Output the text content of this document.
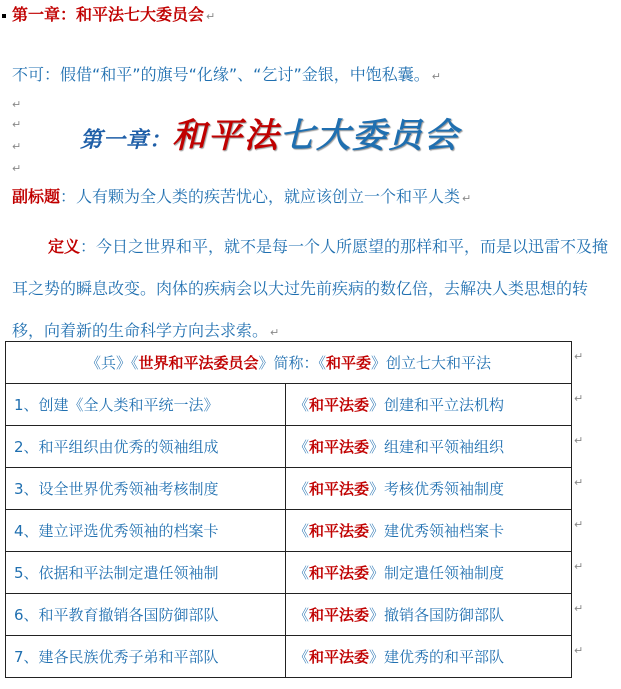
第一章：和平法七大委员会 ↵
不可：假借“和平”的旗号“化缘”、“乞讨”金银，中饱私囊。 ↵
↵
↵
↵
↵
第一章：和平法七大委员会
副标题：人有颗为全人类的疾苦忧心，就应该创立一个和平人类 ↵
定义：今日之世界和平，就不是每一个人所愿望的那样和平，而是以迅雷不及掩耳之势的瞬息改变。肉体的疾病会以大过先前疾病的数亿倍，去解决人类思想的转移，向着新的生命科学方向去求索。 ↵
《兵》《世界和平法委员会》简称：《和平委》创立七大和平法	
1、创建《全人类和平统一法》	《和平法委》创建和平立法机构
2、和平组织由优秀的领袖组成	《和平法委》组建和平领袖组织
3、设全世界优秀领袖考核制度	《和平法委》考核优秀领袖制度
4、建立评选优秀领袖的档案卡	《和平法委》建优秀领袖档案卡
5、依据和平法制定遣任领袖制	《和平法委》制定遣任领袖制度
6、和平教育撤销各国防御部队	《和平法委》撤销各国防御部队
7、建各民族优秀子弟和平部队	《和平法委》建优秀的和平部队
↵
↵
↵
↵
↵
↵
↵
↵
